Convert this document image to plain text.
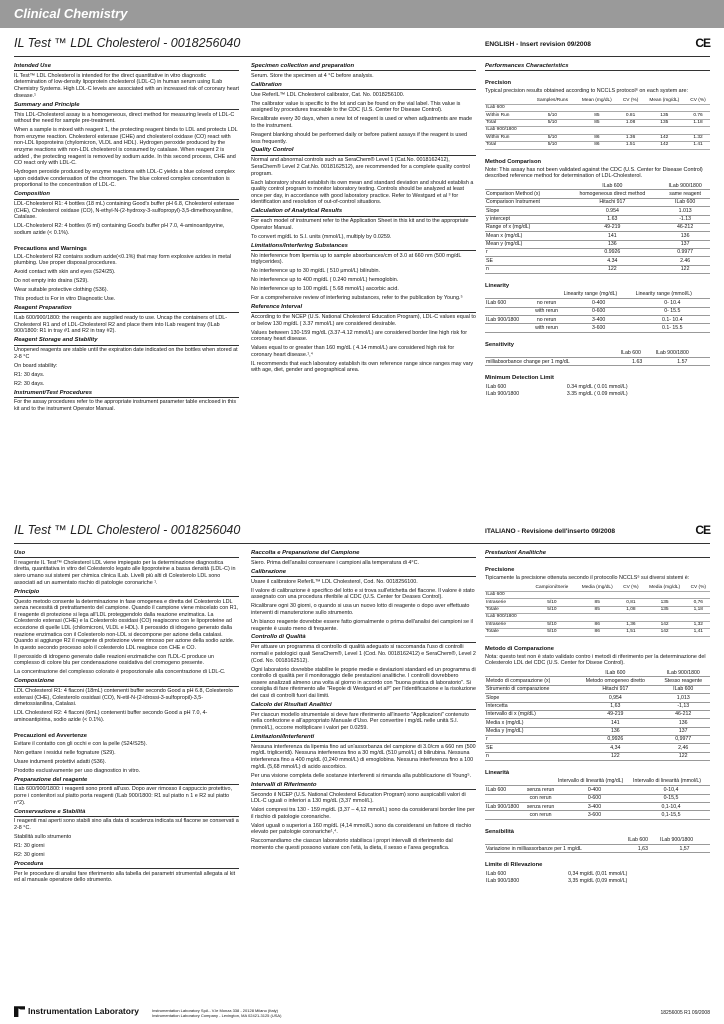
Clinical Chemistry
IL Test ™ LDL Cholesterol - 0018256040	ENGLISH - Insert revision 09/2008	CE
Intended Use

IL Test™ LDL Cholesterol is intended for the direct quantitative in vitro diagnostic determination of low-density lipoprotein cholesterol (LDL-C) in human serum using ILab Chemistry Systems. High LDL-C levels are associated with an increased risk of coronary heart disease.¹

Summary and Principle

This LDL-Cholesterol assay is a homogeneous, direct method for measuring levels of LDL-C without the need for sample pre-treatment.

When a sample is mixed with reagent 1, the protecting reagent binds to LDL and protects LDL from enzyme reaction. Cholesterol esterase (CHE) and cholesterol oxidase (CO) react with non-LDL lipoproteins (chylomicron, VLDL and HDL). Hydrogen peroxide produced by the enzyme reactions with non-LDL cholesterol is consumed by catalase. When reagent 2 is added , the protecting reagent is removed by sodium azide. In this second process, CHE and CO react only with LDL-C.

Hydrogen peroxide produced by enzyme reactions with LDL-C yields a blue colored complex upon oxidative condensation of the chromogen. The blue colored complex concentration is proportional to the concentration of LDL-C.

Composition

LDL-Cholesterol R1: 4 bottles (18 mL) containing Good's buffer pH 6.8, Cholesterol esterase (CHE), Cholesterol oxidase (CO), N-ethyl-N-(2-hydroxy-3-sulfopropyl)-3,5-dimethoxyaniline, Catalase.

LDL-Cholesterol R2: 4 bottles (6 ml) containing Good's buffer pH 7.0, 4-aminoantipyrine, sodium azide (< 0.1%).

Precautions and Warnings

LDL-Cholesterol R2 contains sodium azide(<0.1%) that may form explosive azides in metal plumbing. Use proper disposal procedures.

Avoid contact with skin and eyes (S24/25).

Do not empty into drains (S29).

Wear suitable protective clothing (S36).

This product is For in vitro Diagnostic Use.

Reagent Preparation

ILab 600/900/1800: the reagents are supplied ready to use. Uncap the containers of LDL-Cholesterol R1 and of LDL-Cholesterol R2 and place them into ILab reagent tray (ILab 900/1800: R1 in tray #1 and R2 in tray #2).

Reagent Storage and Stability

Unopened reagents are stable until the expiration date indicated on the bottles when stored at 2-8 °C

On board stability:

R1: 30 days.

R2: 30 days.

Instrument/Test Procedures

For the assay procedures refer to the appropriate instrument parameter table enclosed in this kit and to the instrument Operator Manual.

Specimen collection and preparation

Serum. Store the specimen at 4 °C before analysis.

Calibration

Use ReferIL™ LDL Cholesterol calibrator, Cat. No. 0018256100.

The calibrator value is specific to the lot and can be found on the vial label. This value is assigned by procedures traceable to the CDC (U.S. Center for Disease Control).

Recalibrate every 30 days, when a new lot of reagent is used or when adjustments are made to the instrument.

Reagent blanking should be performed daily or before patient assays if the reagent is used less frequently.

Quality Control

Normal and abnormal controls such as SeraChem® Level 1 (Cat.No. 0018162412), SeraChem® Level 2 Cat.No. 0018162512), are recommended for a complete quality control program.

Each laboratory should establish its own mean and standard deviation and should establish a quality control program to monitor laboratory testing. Controls should be analyzed at least once per day, in accordance with good laboratory practice. Refer to Westgard et al ³ for identification and resolution of out-of-control situations.

Calculation of Analytical Results

For each model of instrument refer to the Application Sheet in this kit and to the appropriate Operator Manual.

To convert mg/dL to S.I. units (mmol/L), multiply by 0.0259.

Limitations/Interfering Substances

No interference from lipemia up to sample absorbances/cm of 3.0 at 660 nm (500 mg/dL triglycerides).

No interference up to 30 mg/dL ( 510 μmol/L) bilirubin.

No interference up to 400 mg/dL ( 0.240 mmol/L) hemoglobin.

No interference up to 100 mg/dL ( 5.68 mmol/L) ascorbic acid.

For a comprehensive review of interfering substances, refer to the publication by Young.⁵

Reference Interval

According to the NCEP (U.S. National Cholesterol Education Program), LDL-C values equal to or below 130 mg/dL ( 3.37 mmol/L) are considered desirable.

Values between 130-159 mg/dL (3.37-4.12 mmol/L) are considered border line high risk for coronary heart disease.

Values equal to or greater than 160 mg/dL ( 4.14 mmol/L) are considered high risk for coronary heart disease.¹,⁴

IL recommends that each laboratory establish its own reference range since ranges may vary with age, diet, gender and geographical area.

Performances Characteristics
Precision

Typical precision results obtained according to NCCLS protocol⁶ on each system are:

	Samples/Runs	Mean (mg/dL)	CV (%)	Mean (mg/dL)	CV (%)
ILab 600					
Within Run	5/10	85	0.81	135	0.76
Total	5/10	85	1.08	135	1.18
ILab 900/1800					
Within Run	5/10	86	1.36	142	1.32
Total	5/10	86	1.51	142	1.41
Method Comparison

Note: This assay has not been validated against the CDC (U.S. Center for Disease Control) described reference method for determination of LDL-Cholesterol.

	ILab 600	ILab 900/1800
Comparison Method (x)	homogeneous direct method	same reagent
Comparison Instrument	Hitachi 917	ILab 600
Slope	0.954	1.013
y intercept	1.63	-1.13
Range of x (mg/dL)	49-219	46-212
Mean x (mg/dL)	141	136
Mean y (mg/dL)	136	137
r	0.9926	0.9977
SE	4.34	2.46
n	122	122
Linearity
		Linearity range (mg/dL)	Linearity range (mmol/L)
ILab 600	no rerun	0-400	0- 10.4
	with rerun	0-600	0- 15.5
ILab 900/1800	no rerun	3-400	0.1- 10.4
	with rerun	3-600	0.1- 15.5
Sensitivity
	ILab 600	ILab 900/1800
milliabsorbance change per 1 mg/dL	1.63	1.57
Minimum Detection Limit
ILab 600	0.34 mg/dL ( 0.01 mmol/L)
ILab 900/1800	3.35 mg/dL ( 0.09 mmol/L)
IL Test ™ LDL Cholesterol - 0018256040	ITALIANO - Revisione dell'inserto 09/2008	CE
Uso

Il reagente IL Test™ Cholesterol LDL viene impiegato per la determinazione diagnostica diretta, quantitativa in vitro del Colesterolo legato alle lipoproteine a bassa densità (LDL-C) in siero umano sui sistemi per chimica clinica ILab. Livelli più alti di Colesterolo LDL sono associati ad un aumentato rischio di patologie coronariche ¹.

Principio

Questo metodo consente la determinazione in fase omogenea e diretta del Colesterolo LDL senza necessità di pretrattamento del campione. Quando il campione viene miscelato con R1, il reagente di protezione si lega all'LDL proteggendolo dalla reazione enzimatica. La Colesterolo esterasi (CHE) e la Colesterolo ossidasi (CO) reagiscono con le lipoproteine ad eccezione di quelle LDL (chilomicroni, VLDL e HDL). Il perossido di idrogeno generato dalla reazione enzimatica con il Colesterolo non-LDL si decompone per azione della catalasi. Quando si aggiunge R2 il reagente di protezione viene rimosso per azione della sodio azide. In questo secondo processo solo il colesterolo LDL reagisce con CHE e CO.

Il perossido di idrogeno generato dalle reazioni enzimatiche con l'LDL-C produce un complesso di colore blu per condensazione ossidativa del cromogeno presente.

La concentrazione del complesso colorato è proporzionale alla concentrazione di LDL-C.

Composizione

LDL Cholesterol R1: 4 flaconi (18mL) contenenti buffer secondo Good a pH 6.8, Colesterolo esterasi (CHE), Colesterolo ossidasi (CO), N-etil-N-(2-idrossi-3-sulfopropil)-3,5-dimetossianilina, Catalasi.

LDL Cholesterol R2: 4 flaconi (6mL) contenenti buffer secondo Good a pH 7.0, 4-aminoantipirina, sodio azide (< 0.1%).

Precauzioni ed Avvertenze

Evitare il contatto con gli occhi e con la pelle (S24/S25).

Non gettare i residui nelle fognature (S29).

Usare indumenti protettivi adatti (S36).

Prodotto esclusivamente per uso diagnostico in vitro.

Preparazione del reagente

ILab 600/900/1800: i reagenti sono pronti all'uso. Dopo aver rimosso il cappuccio protettivo, porre i contenitori sul piatto porta reagenti (ILab 900/1800: R1 sul piatto n 1 e R2 sul piatto n°2).

Conservazione e Stabilità

I reagenti mai aperti sono stabili sino alla data di scadenza indicata sul flacone se conservati a 2-8 °C.

Stabilità sullo strumento

R1: 30 giorni

R2: 30 giorni

Procedura

Per le procedure di analisi fare riferimento alla tabella dei parametri strumentali allegata al kit ed al manuale operatore dello strumento.

Raccolta e Preparazione del Campione

Siero. Prima dell'analisi conservare i campioni alla temperatura di 4°C.

Calibrazione

Usare il calibratore ReferIL™ LDL Cholesterol, Cod. No. 0018256100.

Il valore di calibrazione è specifico del lotto e si trova sull'etichetta del flacone. Il valore è stato assegnato con una procedura riferibile al CDC (U.S. Center for Deases Control).

Ricalibrare ogni 30 giorni, o quando si usa un nuovo lotto di reagente o dopo aver effettuato interventi di manutenzione sullo strumento.

Un bianco reagente dovrebbe essere fatto giornalmente o prima dell'analisi dei campioni se il reagente è usato meno di frequente.

Controllo di Qualità

Per attuare un programma di controllo di qualità adeguato si raccomanda l'uso di controlli normali e patologici quali SeraChem®, Level 1 (Cod. No. 0018162412) e SeraChem®, Level 2 (Cod. No. 0018162512).

Ogni laboratorio dovrebbe stabilire le proprie medie e deviazioni standard ed un programma di controllo di qualità per il monitoraggio delle prestazioni analitiche. I controlli dovrebbero essere analizzati almeno una volta al giorno in accordo con "buona pratica di laboratorio". Si consiglia di fare riferimento alle "Regole di Westgard et al³" per l'identificazione e la risoluzione dei casi di controlli fuori dai limiti.

Calcolo dei Risultati Analitici

Per ciascun modello strumentale si deve fare riferimento all'inserto "Applicazioni" contenuto nella confezione e all'appropriato Manuale d'Uso. Per convertire i mg/dL nelle unità S.I. (mmol/L), occorre moltiplicare i valori per 0.0259.

Limitazioni/Interferenti

Nessuna interferenza da lipemia fino ad un'assorbanza del campione di 3.0/cm a 660 nm (500 mg/dL trigliceridi). Nessuna interferenza fino a 30 mg/dL (510 μmol/L) di bilirubina. Nessuna interferenza fino a 400 mg/dL (0,240 mmol/L) di emoglobina. Nessuna interferenza fino a 100 mg/dL (5,68 mmol/L) di acido ascorbico.

Per una visione completa delle sostanze interferenti si rimanda alla pubblicazione di Young⁵.

Intervalli di Riferimento

Secondo il NCEP (U.S. National Cholesterol Education Program) sono auspicabili valori di LDL-C uguali o inferiori a 130 mg/dL (3,37 mmol/L).

Valori compresi tra 130 - 159 mg/dL (3,37 – 4,12 mmol/L) sono da considerarsi border line per il rischio di patologie coronariche.

Valori uguali o superiori a 160 mg/dL (4,14 mmol/L) sono da considerarsi un fattore di rischio elevato per patologie coronariche¹,⁴.

Raccomandiamo che ciascun laboratorio stabilisca i propri intervalli di riferimento dal momento che questi possono variare con l'età, la dieta, il sesso e l'area geografica.

Prestazioni Analitiche
Precisione

Tipicamente la precisione ottenuta secondo il protocollo NCCLS⁶ sui diversi sistemi è:

	Campioni/Serie	Media (mg/dL)	CV (%)	Media (mg/dL)	CV (%)
ILab 600					
Intraserie	5/10	85	0,81	135	0,76
Totale	5/10	85	1,08	135	1,18
ILab 900/1800					
Intraserie	5/10	86	1,36	142	1,32
Totale	5/10	86	1,51	142	1,41
Metodo di Comparazione

Nota: questo test non è stato validato contro i metodi di riferimento per la determinazione del Colesterolo LDL del CDC (U.S. Center for Disese Control).

	ILab 600	ILab 900/1800
Metodo di comparazione (x)	Metodo omogeneo diretto	Stesso reagente
Strumento di comparazione	Hitachi 917	ILab 600
Slope	0,954	1,013
Intercetta	1,63	-1,13
Intervallo di x (mg/dL)	49-219	46-212
Media x (mg/dL)	141	136
Media y (mg/dL)	136	137
r	0,9926	0,9977
SE	4,34	2,46
n	122	122
Linearità
		Intervallo di linearità (mg/dL)	Intervallo di linearità (mmol/L)
ILab 600	senza rerun	0-400	0-10,4
	con rerun	0-600	0-15,5
ILab 900/1800	senza rerun	3-400	0,1-10,4
	con rerun	3-600	0,1-15,5
Sensibilità
	ILab 600	ILab 900/1800
Variazione in milliassorbanze per 1 mg/dL	1,63	1,57
Limite di Rilevazione
ILab 600	0,34 mg/dL (0,01 mmol/L)
ILab 900/1800	3,35 mg/dL (0,09 mmol/L)
Instrumentation Laboratory	Instrumentation Laboratory SpA - V.le Monza 338 - 20128 Milano (Italy)
Instrumentation Laboratory Company - Lexington, MA 02421-3125 (USA)	18256005 R1 09/2008
